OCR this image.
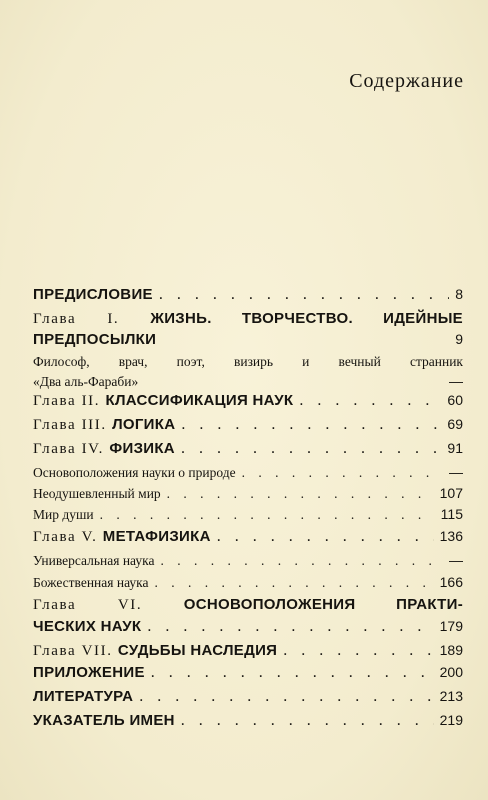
Содержание
ПРЕДИСЛОВИЕ . . .	8
Глава I. ЖИЗНЬ. ТВОРЧЕСТВО. ИДЕЙНЫЕ
ПРЕДПОСЫЛКИ	9
Философ, врач, поэт, визирь и вечный странник
«Два аль-Фараби»	—
Глава II. КЛАССИФИКАЦИЯ НАУК . . .	60
Глава III. ЛОГИКА . . .	69
Глава IV. ФИЗИКА . . .	91
Основоположения науки о природе . . .	—
Неодушевленный мир . . .	107
Мир души . . .	115
Глава V. МЕТАФИЗИКА . . .	136
Универсальная наука . . .	—
Божественная наука . . .	166
Глава VI. ОСНОВОПОЛОЖЕНИЯ ПРАКТИ-
ЧЕСКИХ НАУК . . .	179
Глава VII. СУДЬБЫ НАСЛЕДИЯ . . .	189
ПРИЛОЖЕНИЕ . . .	200
ЛИТЕРАТУРА . . .	213
УКАЗАТЕЛЬ ИМЕН . . .	219
